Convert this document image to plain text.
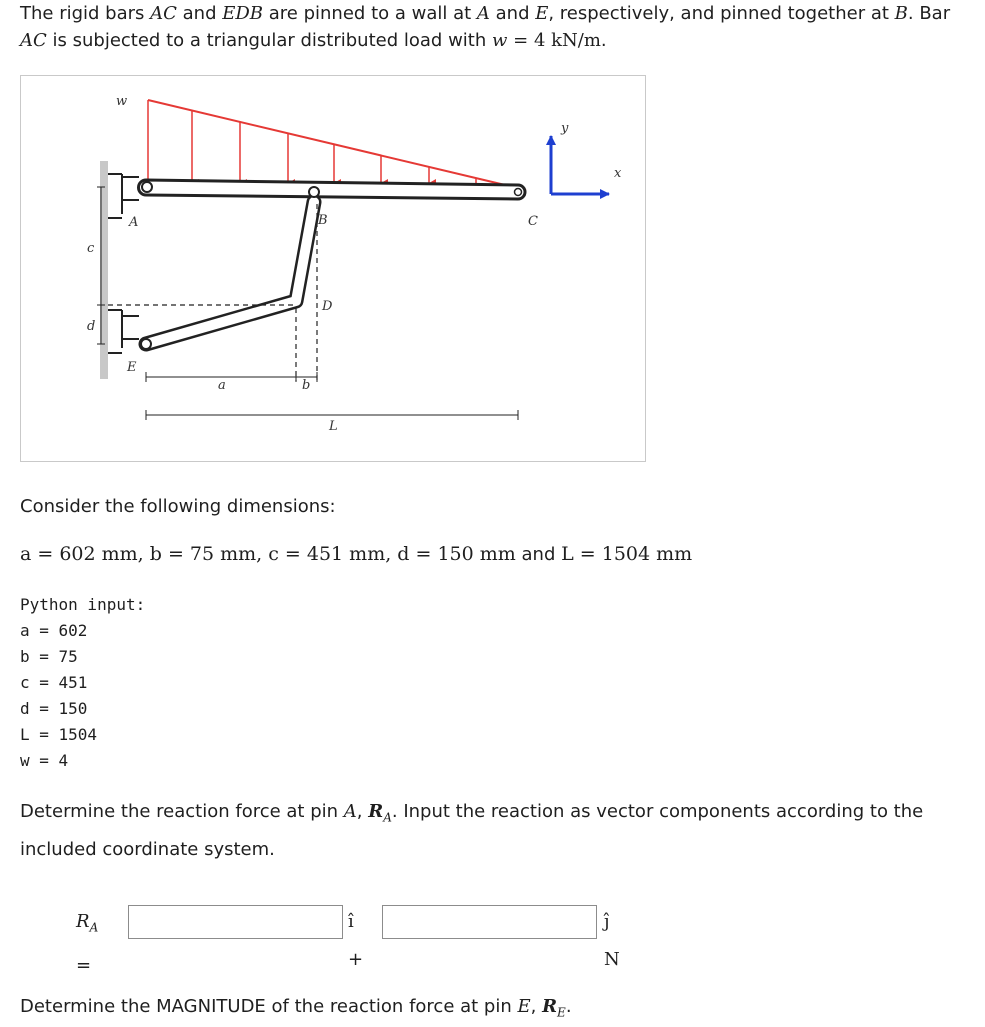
The rigid bars AC and EDB are pinned to a wall at A and E, respectively, and pinned together at B. Bar AC is subjected to a triangular distributed load with w = 4 kN/m.
w
A	B	C
D
E
c
d
a	b
L
x
y
Consider the following dimensions:
a = 602 mm, b = 75 mm, c = 451 mm, d = 150 mm and L = 1504 mm
Python input:
a = 602
b = 75
c = 451
d = 150
L = 1504
w = 4
Determine the reaction force at pin A, $R_A$. Input the reaction as vector components according to the included coordinate system.
$R_A$ =
î +
ĵ N
Determine the MAGNITUDE of the reaction force at pin E, $R_E$.
